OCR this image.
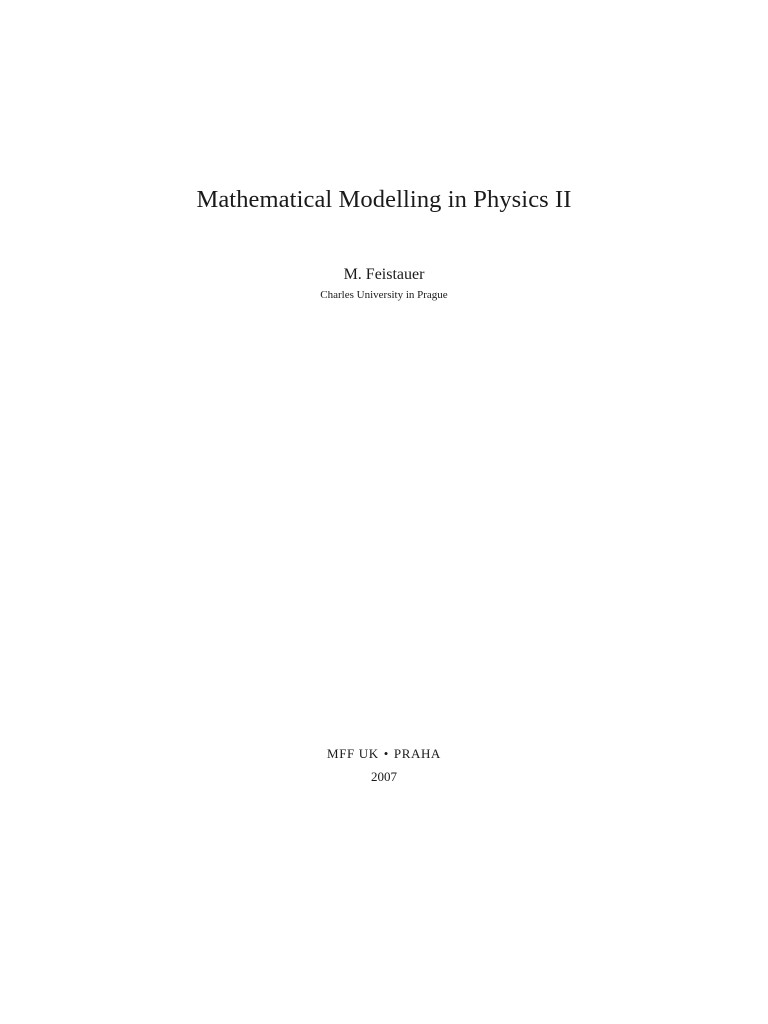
Mathematical Modelling in Physics II
M. Feistauer
Charles University in Prague
MFF UK • PRAHA
2007
